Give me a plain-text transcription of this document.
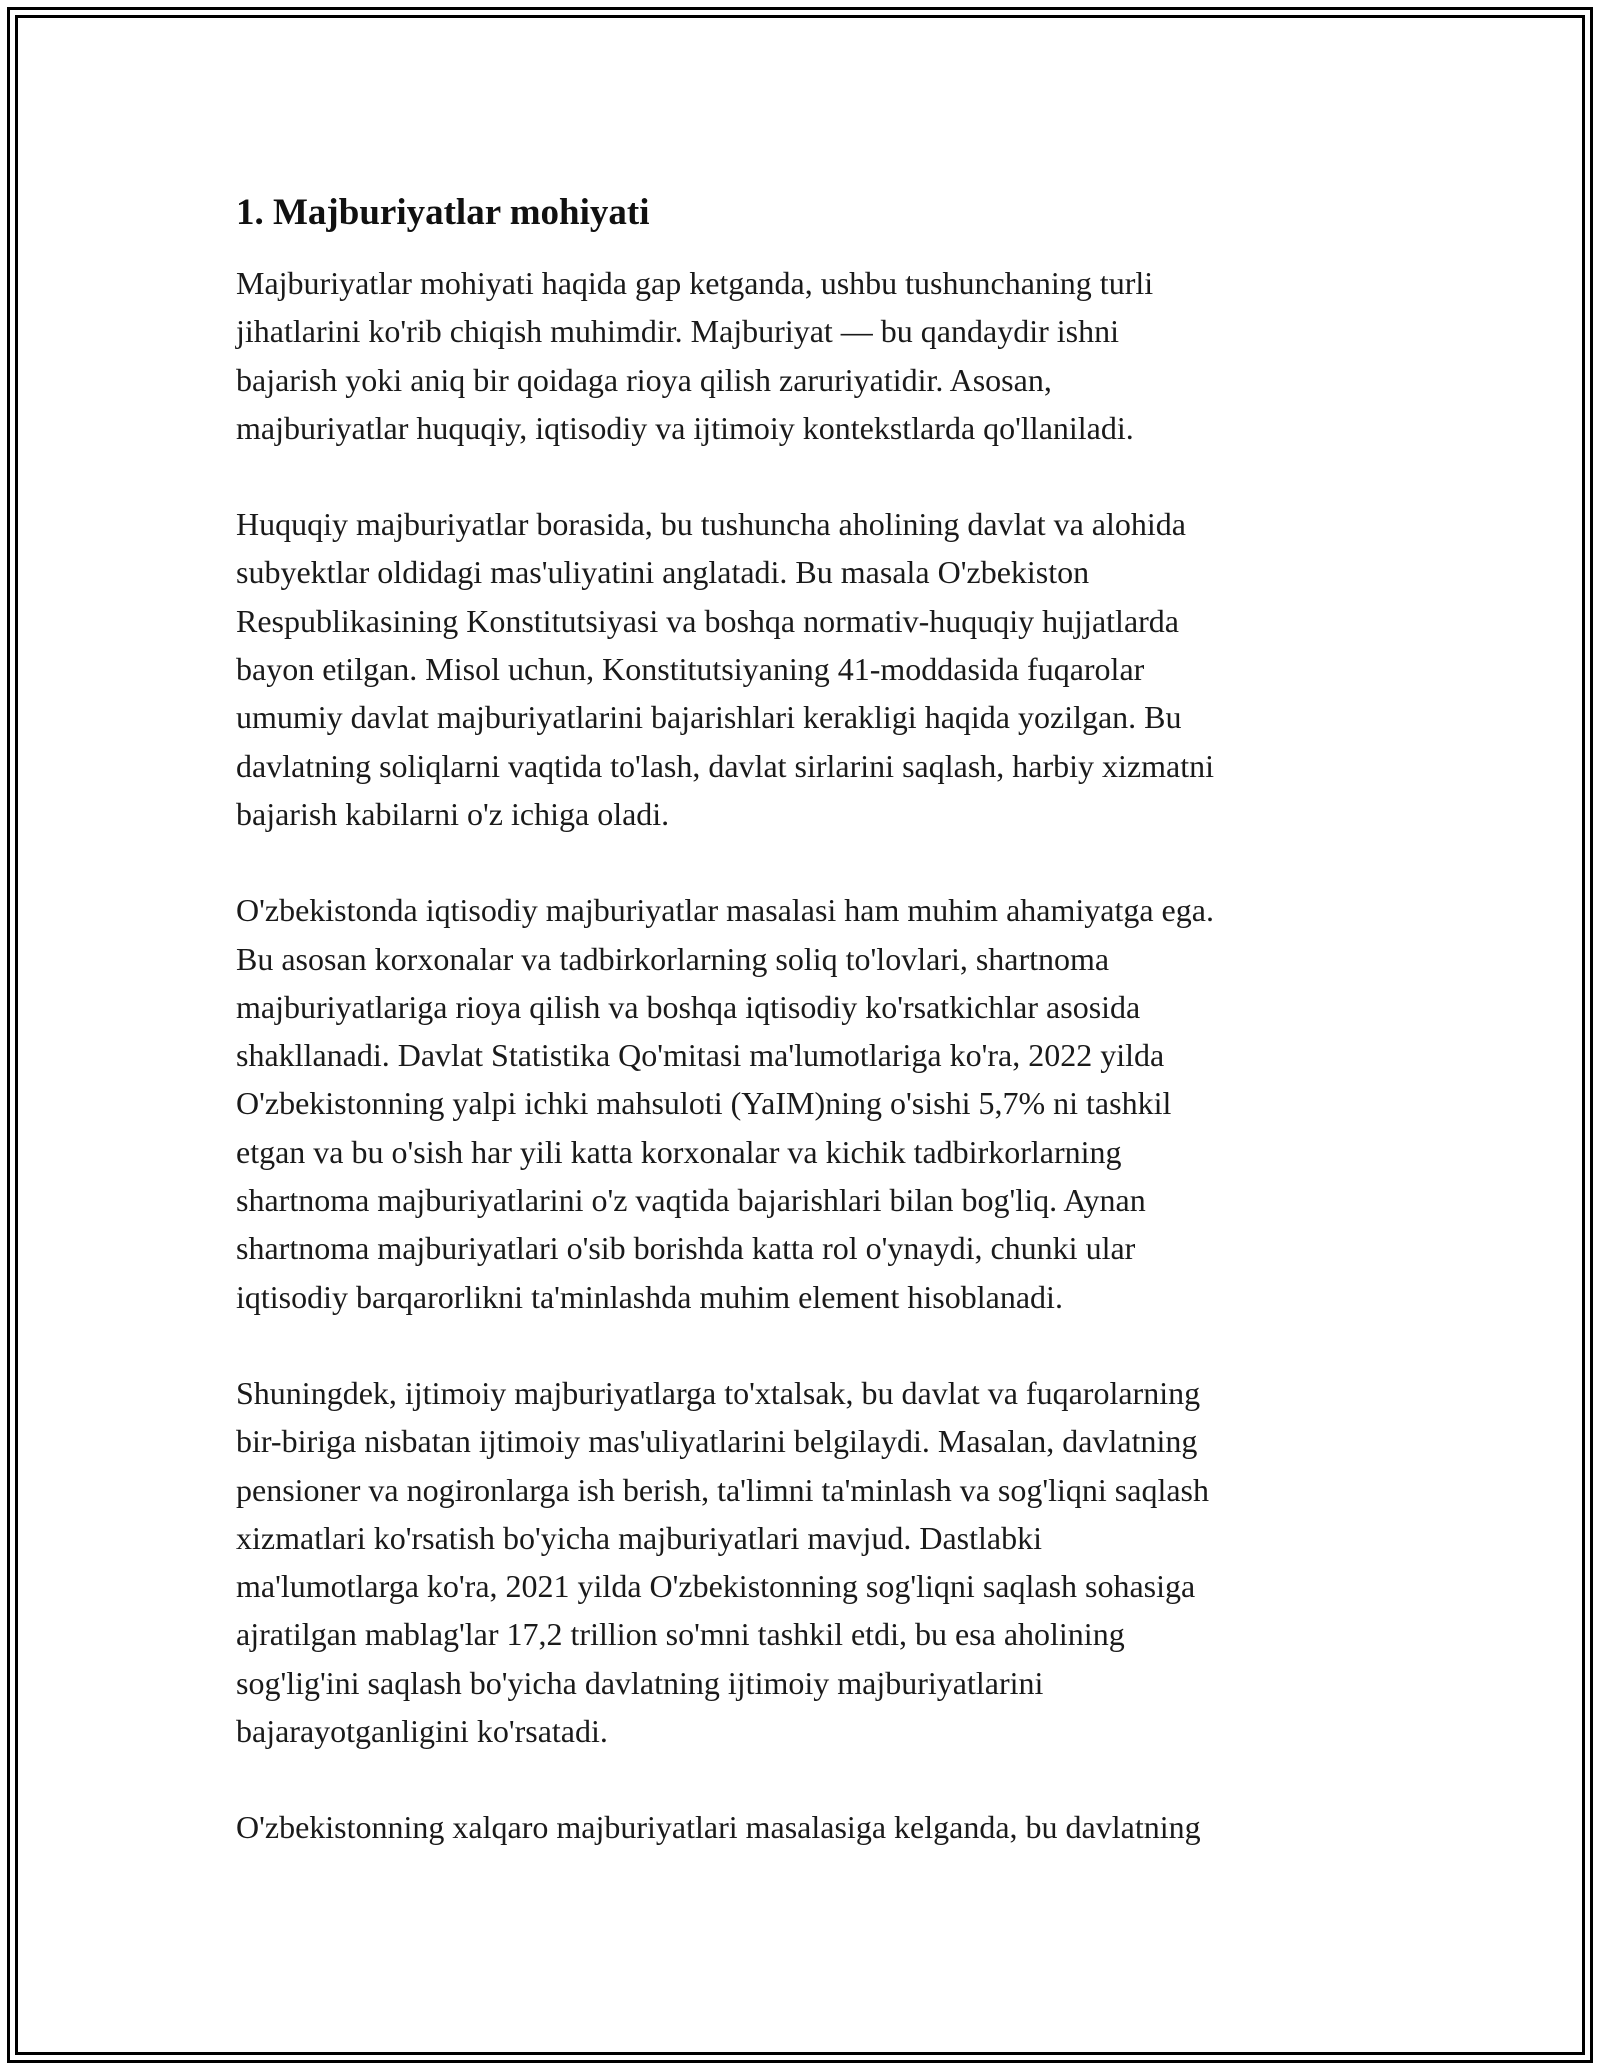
1. Majburiyatlar mohiyati
Majburiyatlar mohiyati haqida gap ketganda, ushbu tushunchaning turli
jihatlarini ko'rib chiqish muhimdir. Majburiyat — bu qandaydir ishni
bajarish yoki aniq bir qoidaga rioya qilish zaruriyatidir. Asosan,
majburiyatlar huquqiy, iqtisodiy va ijtimoiy kontekstlarda qo'llaniladi.
Huquqiy majburiyatlar borasida, bu tushuncha aholining davlat va alohida
subyektlar oldidagi mas'uliyatini anglatadi. Bu masala O'zbekiston
Respublikasining Konstitutsiyasi va boshqa normativ-huquqiy hujjatlarda
bayon etilgan. Misol uchun, Konstitutsiyaning 41-moddasida fuqarolar
umumiy davlat majburiyatlarini bajarishlari kerakligi haqida yozilgan. Bu
davlatning soliqlarni vaqtida to'lash, davlat sirlarini saqlash, harbiy xizmatni
bajarish kabilarni o'z ichiga oladi.
O'zbekistonda iqtisodiy majburiyatlar masalasi ham muhim ahamiyatga ega.
Bu asosan korxonalar va tadbirkorlarning soliq to'lovlari, shartnoma
majburiyatlariga rioya qilish va boshqa iqtisodiy ko'rsatkichlar asosida
shakllanadi. Davlat Statistika Qo'mitasi ma'lumotlariga ko'ra, 2022 yilda
O'zbekistonning yalpi ichki mahsuloti (YaIM)ning o'sishi 5,7% ni tashkil
etgan va bu o'sish har yili katta korxonalar va kichik tadbirkorlarning
shartnoma majburiyatlarini o'z vaqtida bajarishlari bilan bog'liq. Aynan
shartnoma majburiyatlari o'sib borishda katta rol o'ynaydi, chunki ular
iqtisodiy barqarorlikni ta'minlashda muhim element hisoblanadi.
Shuningdek, ijtimoiy majburiyatlarga to'xtalsak, bu davlat va fuqarolarning
bir-biriga nisbatan ijtimoiy mas'uliyatlarini belgilaydi. Masalan, davlatning
pensioner va nogironlarga ish berish, ta'limni ta'minlash va sog'liqni saqlash
xizmatlari ko'rsatish bo'yicha majburiyatlari mavjud. Dastlabki
ma'lumotlarga ko'ra, 2021 yilda O'zbekistonning sog'liqni saqlash sohasiga
ajratilgan mablag'lar 17,2 trillion so'mni tashkil etdi, bu esa aholining
sog'lig'ini saqlash bo'yicha davlatning ijtimoiy majburiyatlarini
bajarayotganligini ko'rsatadi.
O'zbekistonning xalqaro majburiyatlari masalasiga kelganda, bu davlatning
